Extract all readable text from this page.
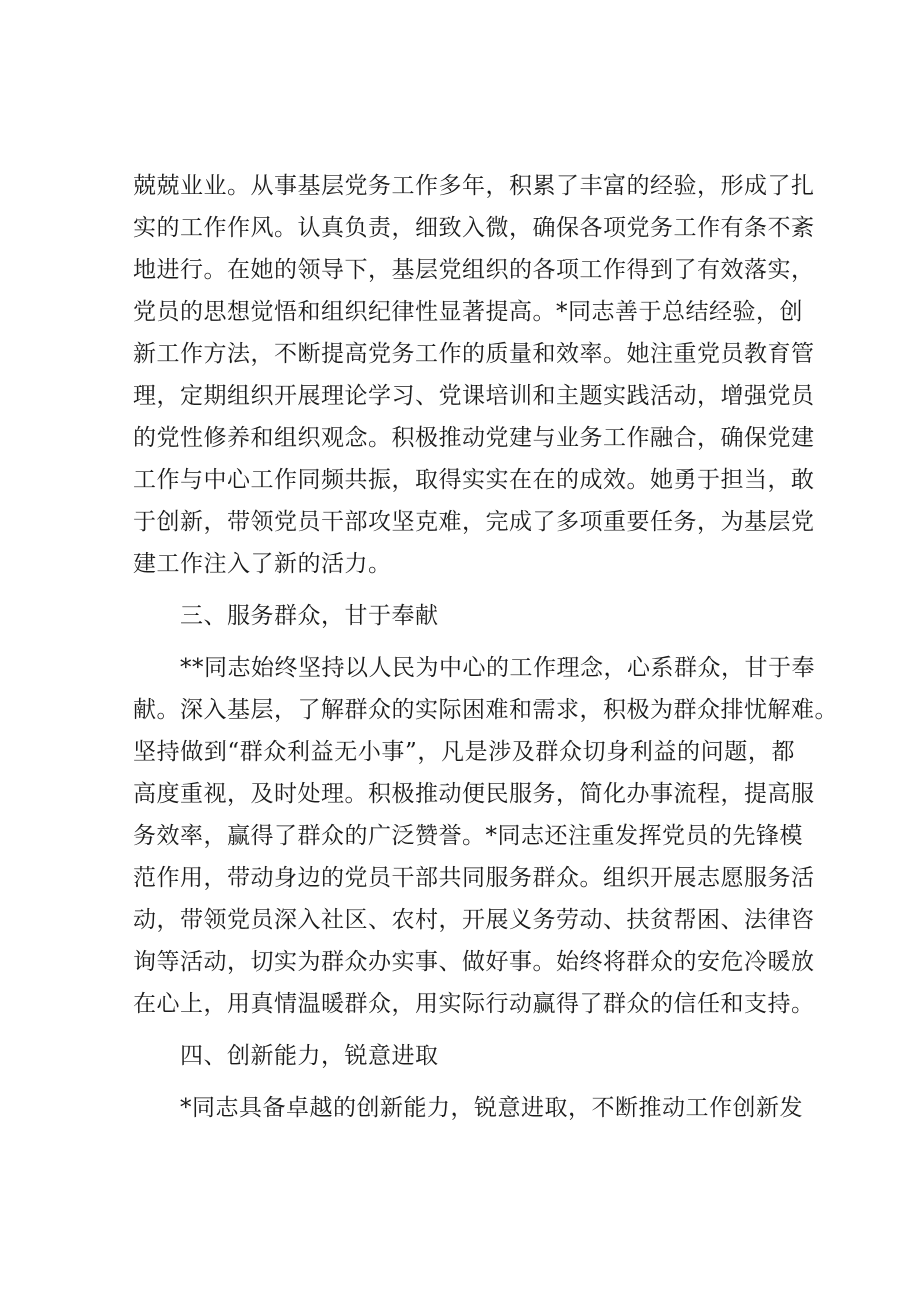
兢兢业业。从事基层党务工作多年，积累了丰富的经验，形成了扎
实的工作作风。认真负责，细致入微，确保各项党务工作有条不紊
地进行。在她的领导下，基层党组织的各项工作得到了有效落实，
党员的思想觉悟和组织纪律性显著提高。*同志善于总结经验，创
新工作方法，不断提高党务工作的质量和效率。她注重党员教育管
理，定期组织开展理论学习、党课培训和主题实践活动，增强党员
的党性修养和组织观念。积极推动党建与业务工作融合，确保党建
工作与中心工作同频共振，取得实实在在的成效。她勇于担当，敢
于创新，带领党员干部攻坚克难，完成了多项重要任务，为基层党
建工作注入了新的活力。
三、服务群众，甘于奉献
**同志始终坚持以人民为中心的工作理念，心系群众，甘于奉
献。深入基层，了解群众的实际困难和需求，积极为群众排忧解难。
坚持做到“群众利益无小事”，凡是涉及群众切身利益的问题，都
高度重视，及时处理。积极推动便民服务，简化办事流程，提高服
务效率，赢得了群众的广泛赞誉。*同志还注重发挥党员的先锋模
范作用，带动身边的党员干部共同服务群众。组织开展志愿服务活
动，带领党员深入社区、农村，开展义务劳动、扶贫帮困、法律咨
询等活动，切实为群众办实事、做好事。始终将群众的安危冷暖放
在心上，用真情温暖群众，用实际行动赢得了群众的信任和支持。
四、创新能力，锐意进取
*同志具备卓越的创新能力，锐意进取，不断推动工作创新发
